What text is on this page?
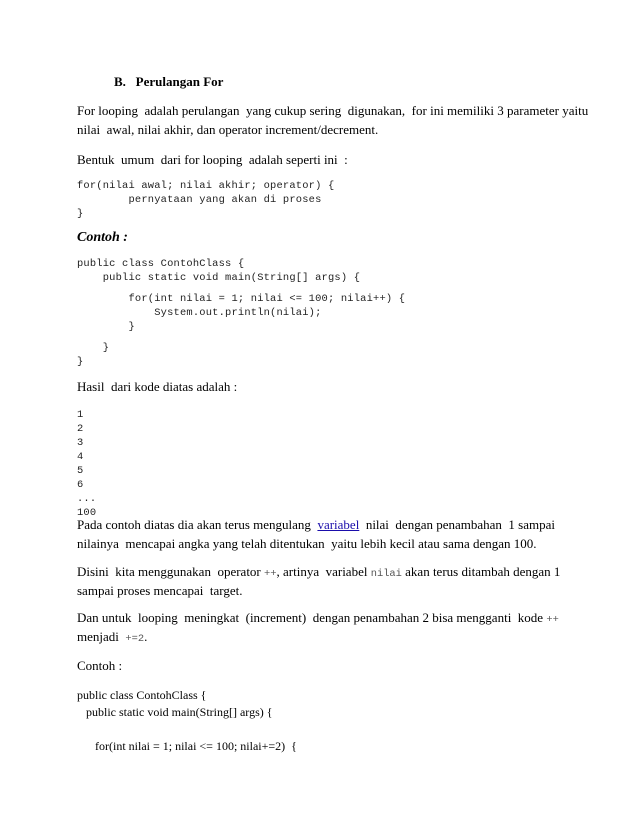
B. Perulangan For
For looping  adalah perulangan  yang cukup sering  digunakan,  for ini memiliki 3 parameter yaitu
nilai  awal, nilai akhir, dan operator increment/decrement.
Bentuk  umum  dari for looping  adalah seperti ini  :
for(nilai awal; nilai akhir; operator) {
pernyataan yang akan di proses
}
Contoh :
public class ContohClass {
public static void main(String[] args) {
for(int nilai = 1; nilai <= 100; nilai++) {
System.out.println(nilai);
}
}
}
Hasil  dari kode diatas adalah :
1
2
3
4
5
6
...
100
Pada contoh diatas dia akan terus mengulang  variabel  nilai  dengan penambahan  1 sampai
nilainya  mencapai angka yang telah ditentukan  yaitu lebih kecil atau sama dengan 100.
Disini  kita menggunakan  operator ++, artinya  variabel nilai akan terus ditambah dengan 1
sampai proses mencapai  target.
Dan untuk  looping  meningkat  (increment)  dengan penambahan 2 bisa mengganti  kode ++
menjadi  +=2.
Contoh :
public class ContohClass {
public static void main(String[] args) {
for(int nilai = 1; nilai <= 100; nilai+=2)  {
